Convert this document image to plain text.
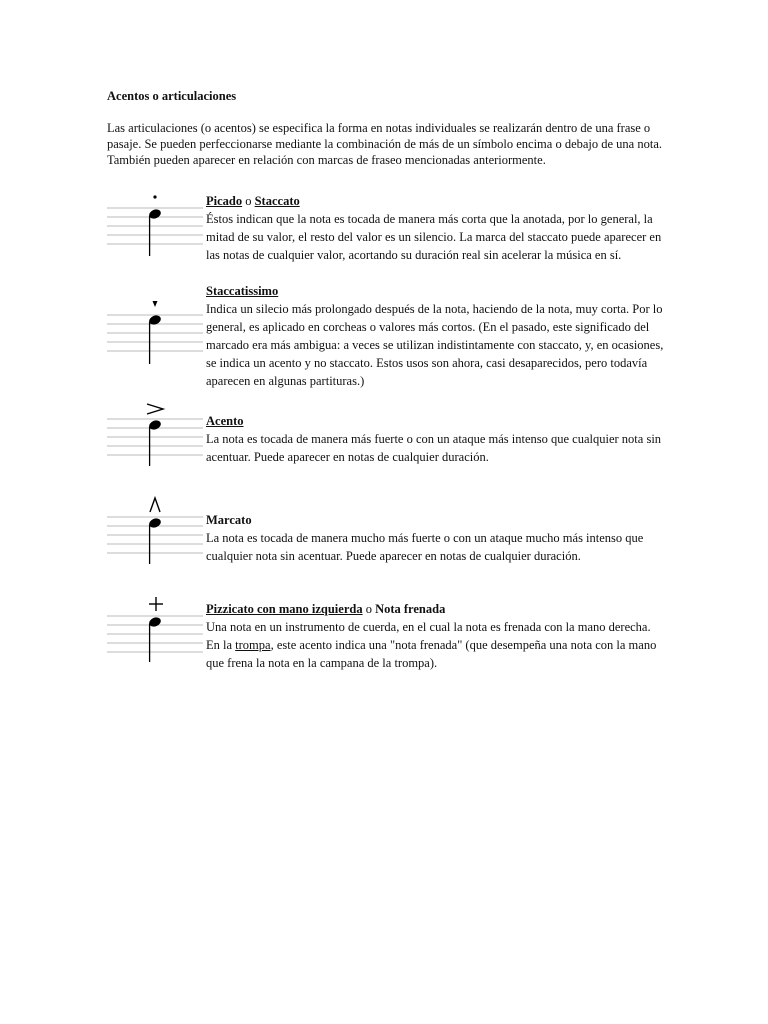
Acentos o articulaciones

Las articulaciones (o acentos) se especifica la forma en notas individuales se realizarán dentro de una frase o pasaje. Se pueden perfeccionarse mediante la combinación de más de un símbolo encima o debajo de una nota. También pueden aparecer en relación con marcas de fraseo mencionadas anteriormente.

Picado o Staccato
Éstos indican que la nota es tocada de manera más corta que la anotada, por lo general, la mitad de su valor, el resto del valor es un silencio. La marca del staccato puede aparecer en las notas de cualquier valor, acortando su duración real sin acelerar la música en sí.
Staccatissimo
Indica un silecio más prolongado después de la nota, haciendo de la nota, muy corta. Por lo general, es aplicado en corcheas o valores más cortos. (En el pasado, este significado del marcado era más ambigua: a veces se utilizan indistintamente con staccato, y, en ocasiones, se indica un acento y no staccato. Estos usos son ahora, casi desaparecidos, pero todavía aparecen en algunas partituras.)
Acento
La nota es tocada de manera más fuerte o con un ataque más intenso que cualquier nota sin acentuar. Puede aparecer en notas de cualquier duración.
Marcato
La nota es tocada de manera mucho más fuerte o con un ataque mucho más intenso que cualquier nota sin acentuar. Puede aparecer en notas de cualquier duración.
Pizzicato con mano izquierda o Nota frenada
Una nota en un instrumento de cuerda, en el cual la nota es frenada con la mano derecha. En la trompa, este acento indica una "nota frenada" (que desempeña una nota con la mano que frena la nota en la campana de la trompa).
